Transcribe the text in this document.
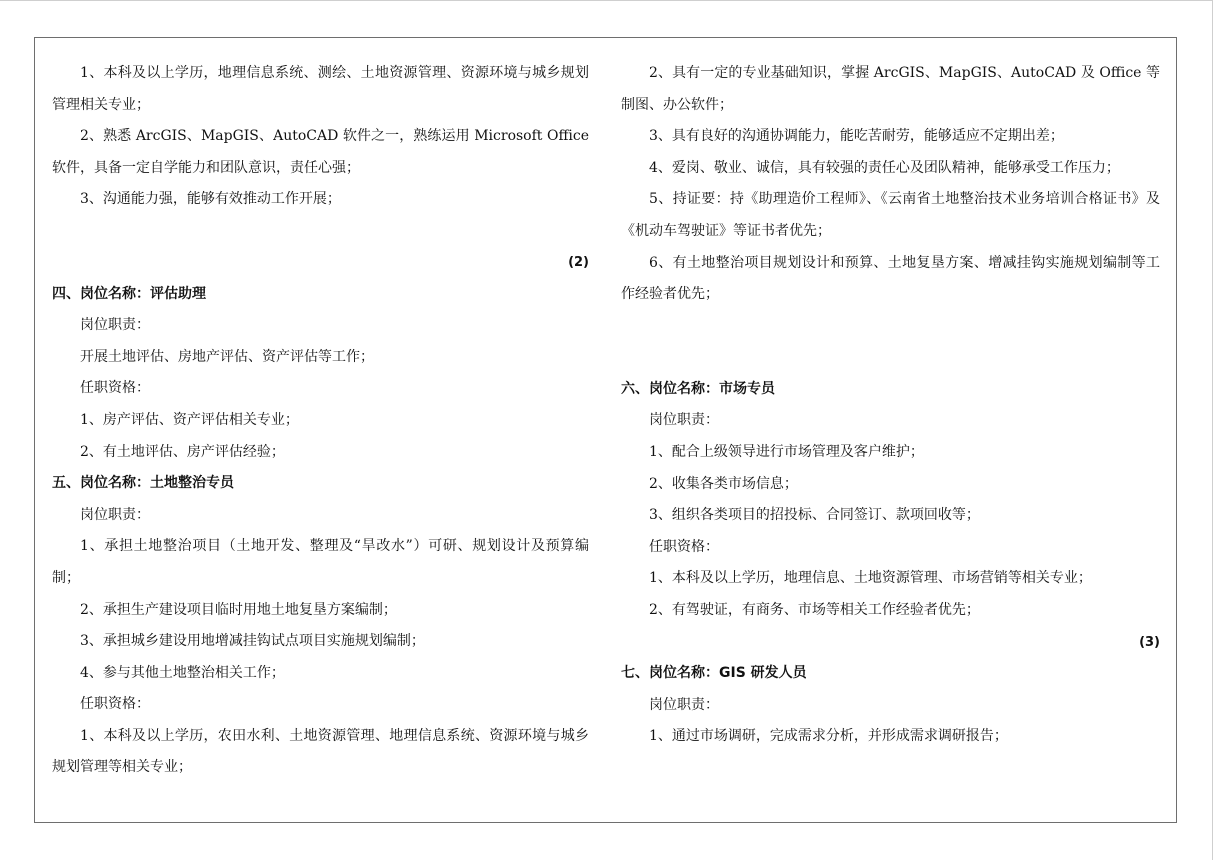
1、本科及以上学历，地理信息系统、测绘、土地资源管理、资源环境与城乡规划管理相关专业；

2、熟悉 ArcGIS、MapGIS、AutoCAD 软件之一，熟练运用 Microsoft Office 软件，具备一定自学能力和团队意识，责任心强；

3、沟通能力强，能够有效推动工作开展；

(2)

四、岗位名称：评估助理

岗位职责：

开展土地评估、房地产评估、资产评估等工作；

任职资格：

1、房产评估、资产评估相关专业；

2、有土地评估、房产评估经验；

五、岗位名称：土地整治专员

岗位职责：

1、承担土地整治项目（土地开发、整理及“旱改水”）可研、规划设计及预算编制；

2、承担生产建设项目临时用地土地复垦方案编制；

3、承担城乡建设用地增减挂钩试点项目实施规划编制；

4、参与其他土地整治相关工作；

任职资格：

1、本科及以上学历，农田水利、土地资源管理、地理信息系统、资源环境与城乡规划管理等相关专业；

2、具有一定的专业基础知识，掌握 ArcGIS、MapGIS、AutoCAD 及 Office 等制图、办公软件；

3、具有良好的沟通协调能力，能吃苦耐劳，能够适应不定期出差；

4、爱岗、敬业、诚信，具有较强的责任心及团队精神，能够承受工作压力；

5、持证要：持《助理造价工程师》、《云南省土地整治技术业务培训合格证书》及《机动车驾驶证》等证书者优先；

6、有土地整治项目规划设计和预算、土地复垦方案、增减挂钩实施规划编制等工作经验者优先；

六、岗位名称：市场专员

岗位职责：

1、配合上级领导进行市场管理及客户维护；

2、收集各类市场信息；

3、组织各类项目的招投标、合同签订、款项回收等；

任职资格：

1、本科及以上学历，地理信息、土地资源管理、市场营销等相关专业；

2、有驾驶证，有商务、市场等相关工作经验者优先；

(3)

七、岗位名称：GIS 研发人员

岗位职责：

1、通过市场调研，完成需求分析，并形成需求调研报告；
